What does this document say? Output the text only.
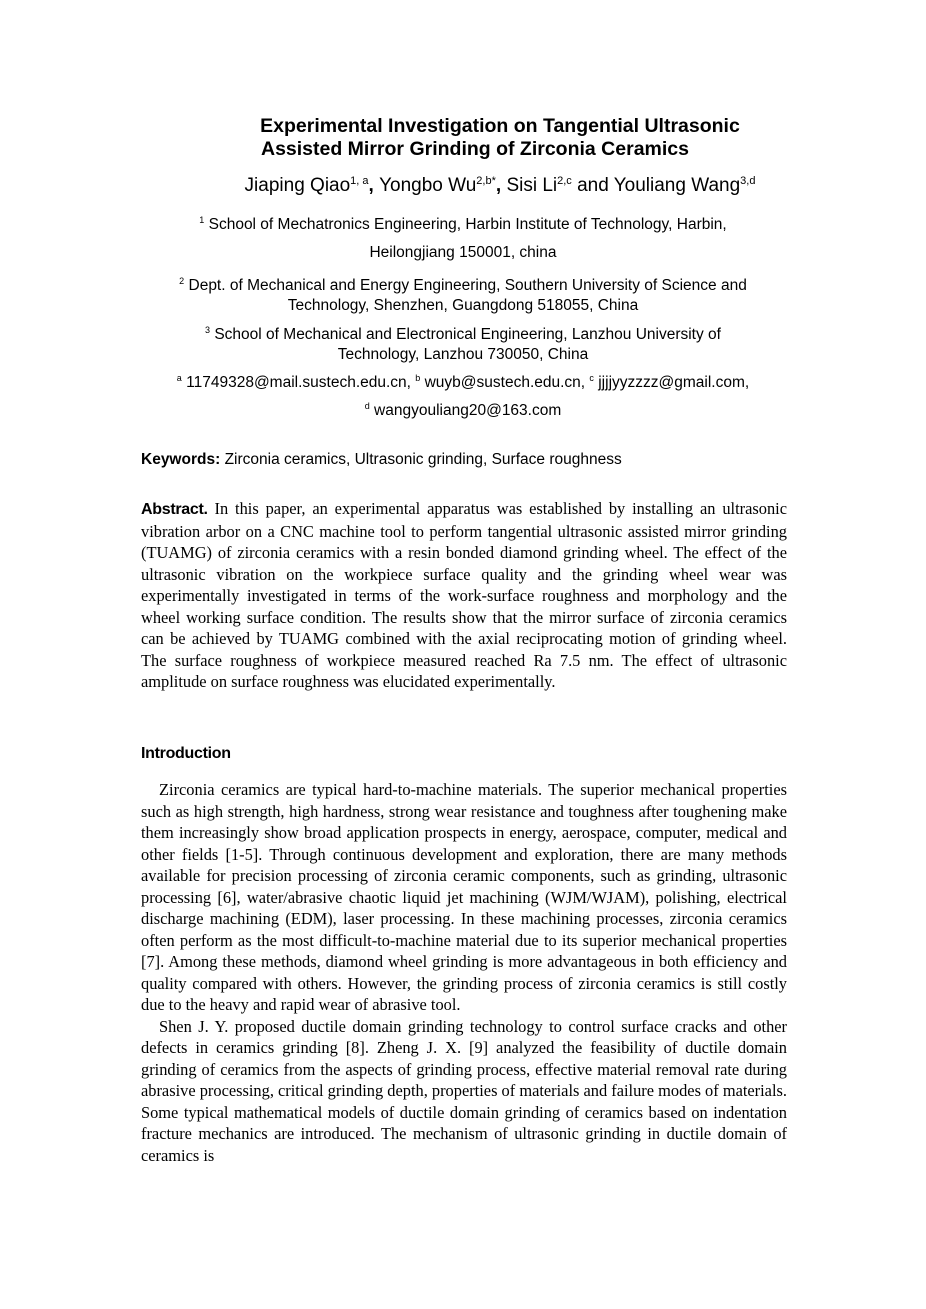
Experimental Investigation on Tangential Ultrasonic
Assisted Mirror Grinding of Zirconia Ceramics
Jiaping Qiao$^{1, a}$, Yongbo $Wu^{2,b*}$, Sisi Li$^{2,c}$ and Youliang Wang$^{3,d}$
$^1$ School of Mechatronics Engineering, Harbin Institute of Technology, Harbin,
Heilongjiang 150001, china
$^2$ Dept. of Mechanical and Energy Engineering, Southern University of Science and
Technology, Shenzhen, Guangdong 518055, China
$^3$ School of Mechanical and Electronical Engineering, Lanzhou University of
Technology, Lanzhou 730050, China
$^a$ 11749328@mail.sustech.edu.cn, $^b$ wuyb@sustech.edu.cn, $^c$ jjjjyyzzzz@gmail.com,
$^d$ wangyouliang20@163.com
Keywords: Zirconia ceramics, Ultrasonic grinding, Surface roughness
Abstract. In this paper, an experimental apparatus was established by installing an ultrasonic vibration arbor on a CNC machine tool to perform tangential ultrasonic assisted mirror grinding (TUAMG) of zirconia ceramics with a resin bonded diamond grinding wheel. The effect of the ultrasonic vibration on the workpiece surface quality and the grinding wheel wear was experimentally investigated in terms of the work-surface roughness and morphology and the wheel working surface condition. The results show that the mirror surface of zirconia ceramics can be achieved by TUAMG combined with the axial reciprocating motion of grinding wheel. The surface roughness of workpiece measured reached Ra 7.5 nm. The effect of ultrasonic amplitude on surface roughness was elucidated experimentally.
Introduction

Zirconia ceramics are typical hard-to-machine materials. The superior mechanical properties such as high strength, high hardness, strong wear resistance and toughness after toughening make them increasingly show broad application prospects in energy, aerospace, computer, medical and other fields [1-5]. Through continuous development and exploration, there are many methods available for precision processing of zirconia ceramic components, such as grinding, ultrasonic processing [6], water/abrasive chaotic liquid jet machining (WJM/WJAM), polishing, electrical discharge machining (EDM), laser processing. In these machining processes, zirconia ceramics often perform as the most difficult-to-machine material due to its superior mechanical properties [7]. Among these methods, diamond wheel grinding is more advantageous in both efficiency and quality compared with others. However, the grinding process of zirconia ceramics is still costly due to the heavy and rapid wear of abrasive tool.

Shen J. Y. proposed ductile domain grinding technology to control surface cracks and other defects in ceramics grinding [8]. Zheng J. X. [9] analyzed the feasibility of ductile domain grinding of ceramics from the aspects of grinding process, effective material removal rate during abrasive processing, critical grinding depth, properties of materials and failure modes of materials. Some typical mathematical models of ductile domain grinding of ceramics based on indentation fracture mechanics are introduced. The mechanism of ultrasonic grinding in ductile domain of ceramics is
